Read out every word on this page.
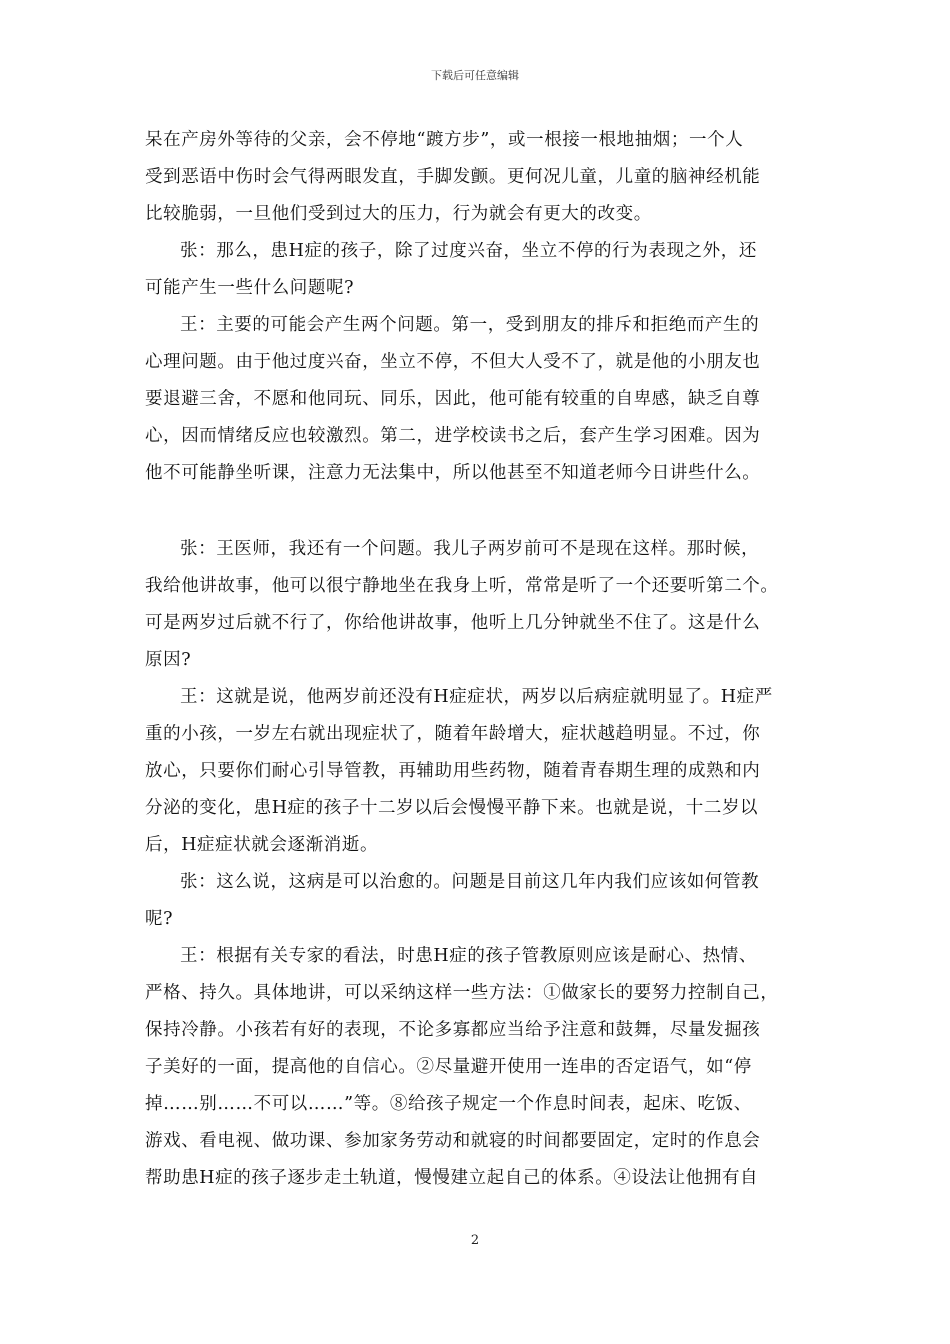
下载后可任意编辑
呆在产房外等待的父亲，会不停地“踱方步”，或一根接一根地抽烟；一个人
受到恶语中伤时会气得两眼发直，手脚发颤。更何况儿童，儿童的脑神经机能
比较脆弱，一旦他们受到过大的压力，行为就会有更大的改变。
张：那么，患H症的孩子，除了过度兴奋，坐立不停的行为表现之外，还
可能产生一些什么问题呢?
王：主要的可能会产生两个问题。第一，受到朋友的排斥和拒绝而产生的
心理问题。由于他过度兴奋，坐立不停，不但大人受不了，就是他的小朋友也
要退避三舍，不愿和他同玩、同乐，因此，他可能有较重的自卑感，缺乏自尊
心，因而情绪反应也较激烈。第二，进学校读书之后，套产生学习困难。因为
他不可能静坐听课，注意力无法集中，所以他甚至不知道老师今日讲些什么。
张：王医师，我还有一个问题。我儿子两岁前可不是现在这样。那时候，
我给他讲故事，他可以很宁静地坐在我身上听，常常是听了一个还要听第二个。
可是两岁过后就不行了，你给他讲故事，他听上几分钟就坐不住了。这是什么
原因?
王：这就是说，他两岁前还没有H症症状，两岁以后病症就明显了。H症严
重的小孩，一岁左右就出现症状了，随着年龄增大，症状越趋明显。不过，你
放心，只要你们耐心引导管教，再辅助用些药物，随着青春期生理的成熟和内
分泌的变化，患H症的孩子十二岁以后会慢慢平静下来。也就是说，十二岁以
后，H症症状就会逐渐消逝。
张：这么说，这病是可以治愈的。问题是目前这几年内我们应该如何管教
呢?
王：根据有关专家的看法，时患H症的孩子管教原则应该是耐心、热情、
严格、持久。具体地讲，可以采纳这样一些方法：①做家长的要努力控制自己，
保持冷静。小孩若有好的表现，不论多寡都应当给予注意和鼓舞，尽量发掘孩
子美好的一面，提高他的自信心。②尽量避开使用一连串的否定语气，如“停
掉……别……不可以……”等。⑧给孩子规定一个作息时间表，起床、吃饭、
游戏、看电视、做功课、参加家务劳动和就寝的时间都要固定，定时的作息会
帮助患H症的孩子逐步走土轨道，慢慢建立起自己的体系。④设法让他拥有自
2
